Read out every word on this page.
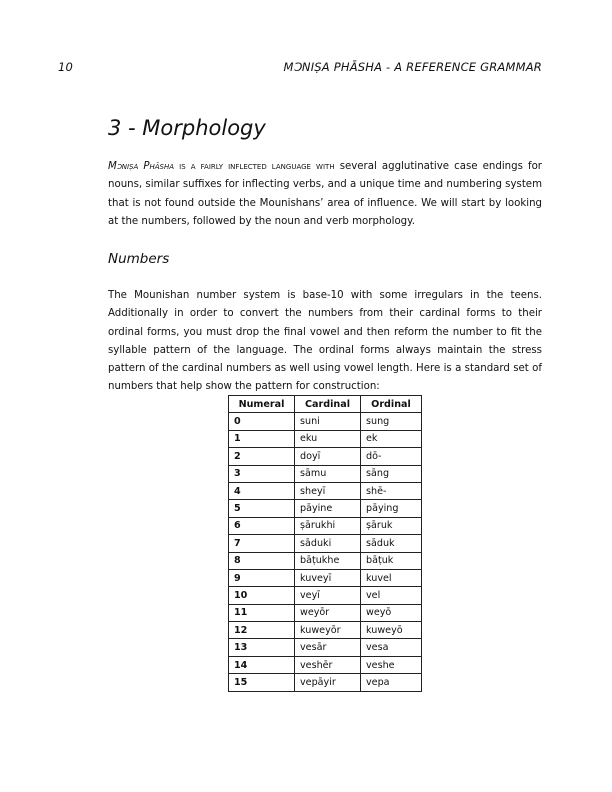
10	MƆNIṢA PHĀSHA - A REFERENCE GRAMMAR
3 - Morphology

Mɔniṣa Phāsha is a fairly inflected language with several agglutinative case endings for nouns, similar suffixes for inflecting verbs, and a unique time and numbering system that is not found outside the Mounishans’ area of influence. We will start by looking at the numbers, followed by the noun and verb morphology.

Numbers

The Mounishan number system is base-10 with some irregulars in the teens. Additionally in order to convert the numbers from their cardinal forms to their ordinal forms, you must drop the final vowel and then reform the number to fit the syllable pattern of the language. The ordinal forms always maintain the stress pattern of the cardinal numbers as well using vowel length. Here is a standard set of numbers that help show the pattern for construction:

Numeral	Cardinal	Ordinal
0	suni	sung
1	eku	ek
2	doyī	dō-
3	sāmu	sāng
4	sheyī	shē-
5	pāyine	pāying
6	ṣārukhi	ṣāruk
7	sāduki	sāduk
8	bāṭukhe	bāṭuk
9	kuveyī	kuvel
10	veyī	vel
11	weyōr	weyō
12	kuweyōr	kuweyō
13	vesār	vesa
14	veshēr	veshe
15	vepāyir	vepa
